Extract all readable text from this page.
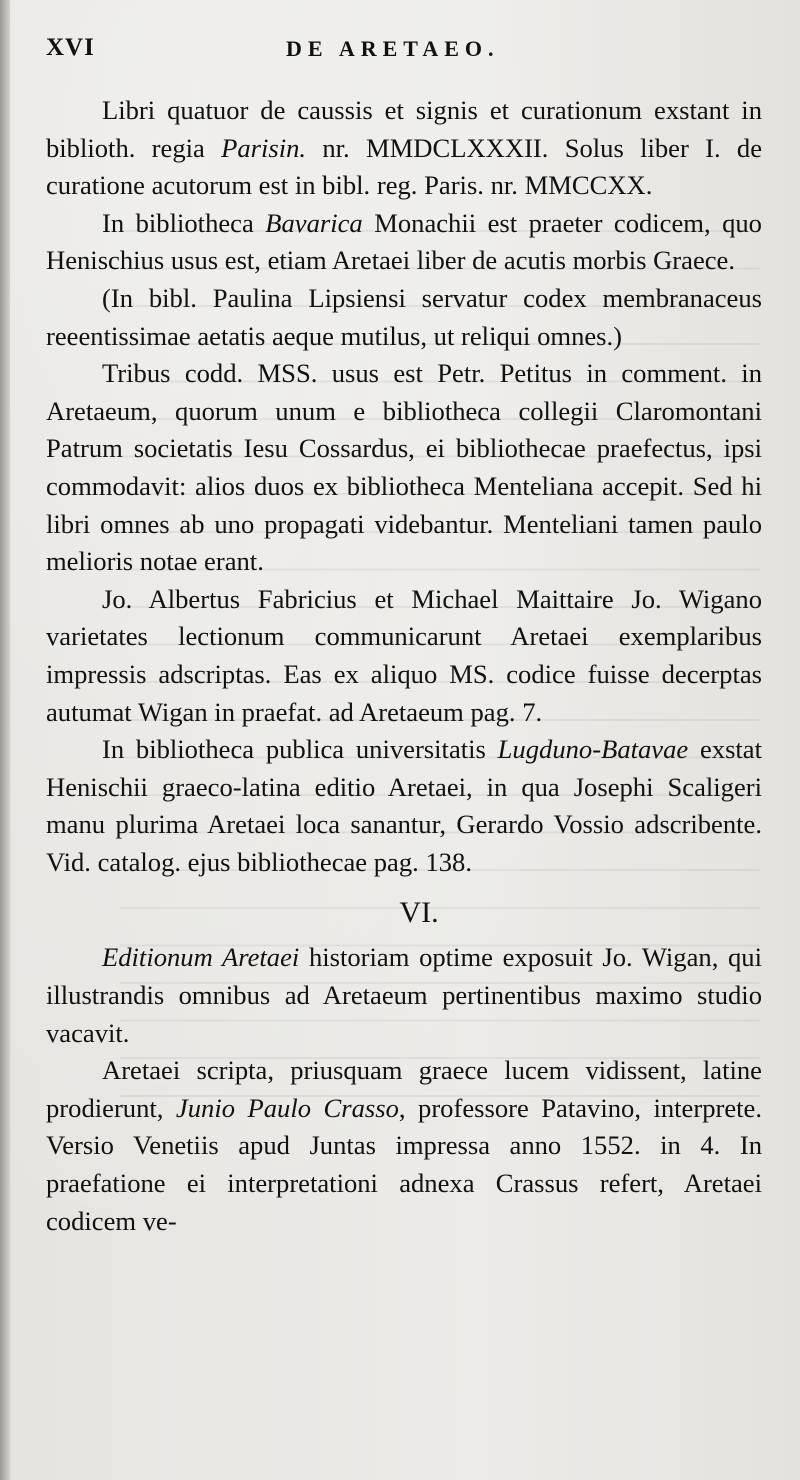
XVI	DE ARETAEO.

Libri quatuor de caussis et signis et curationum exstant in biblioth. regia Parisin. nr. MMDCLXXXII. Solus liber I. de curatione acutorum est in bibl. reg. Paris. nr. MMCCXX.

In bibliotheca Bavarica Monachii est praeter codicem, quo Henischius usus est, etiam Aretaei liber de acutis morbis Graece.

(In bibl. Paulina Lipsiensi servatur codex membranaceus reeentissimae aetatis aeque mutilus, ut reliqui omnes.)

Tribus codd. MSS. usus est Petr. Petitus in comment. in Aretaeum, quorum unum e bibliotheca collegii Claromontani Patrum societatis Iesu Cossardus, ei bibliothecae praefectus, ipsi commodavit: alios duos ex bibliotheca Menteliana accepit. Sed hi libri omnes ab uno propagati videbantur. Menteliani tamen paulo melioris notae erant.

Jo. Albertus Fabricius et Michael Maittaire Jo. Wigano varietates lectionum communicarunt Aretaei exemplaribus impressis adscriptas. Eas ex aliquo MS. codice fuisse decerptas autumat Wigan in praefat. ad Aretaeum pag. 7.

In bibliotheca publica universitatis Lugduno-Batavae exstat Henischii graeco-latina editio Aretaei, in qua Josephi Scaligeri manu plurima Aretaei loca sanantur, Gerardo Vossio adscribente. Vid. catalog. ejus bibliothecae pag. 138.

VI.

Editionum Aretaei historiam optime exposuit Jo. Wigan, qui illustrandis omnibus ad Aretaeum pertinentibus maximo studio vacavit.

Aretaei scripta, priusquam graece lucem vidissent, latine prodierunt, Junio Paulo Crasso, professore Patavino, interprete. Versio Venetiis apud Juntas impressa anno 1552. in 4. In praefatione ei interpretationi adnexa Crassus refert, Aretaei codicem ve-
